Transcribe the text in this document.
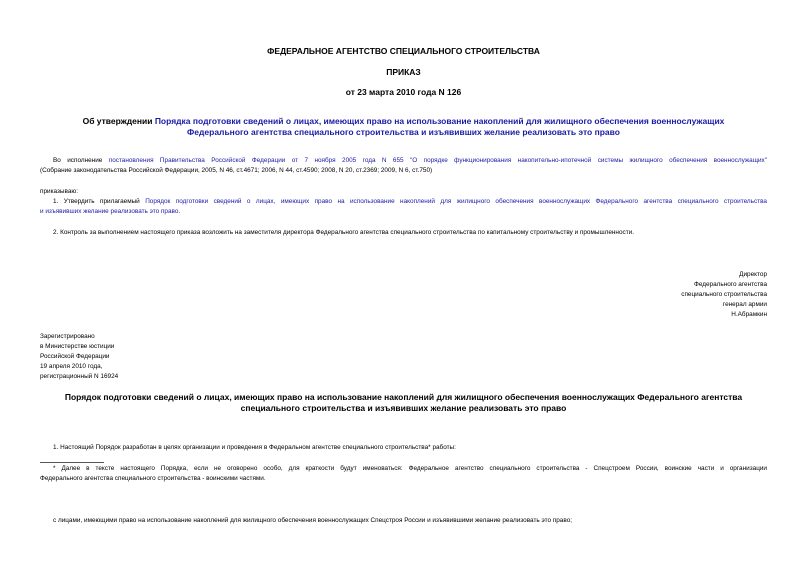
ФЕДЕРАЛЬНОЕ АГЕНТСТВО СПЕЦИАЛЬНОГО СТРОИТЕЛЬСТВА
ПРИКАЗ
от 23 марта 2010 года N 126
Об утверждении Порядка подготовки сведений о лицах, имеющих право на использование накоплений для жилищного обеспечения военнослужащих
Федерального агентства специального строительства и изъявивших желание реализовать это право
Во исполнение постановления Правительства Российской Федерации от 7 ноября 2005 года N 655 "О порядке функционирования накопительно-ипотечной системы жилищного обеспечения военнослужащих"
(Собрание законодательства Российской Федерации, 2005, N 46, ст.4671; 2006, N 44, ст.4590; 2008, N 20, ст.2369; 2009, N 6, ст.750)
приказываю:
1. Утвердить прилагаемый Порядок подготовки сведений о лицах, имеющих право на использование накоплений для жилищного обеспечения военнослужащих Федерального агентства специального строительства
и изъявивших желание реализовать это право.
2. Контроль за выполнением настоящего приказа возложить на заместителя директора Федерального агентства специального строительства по капитальному строительству и промышленности.
Директор
Федерального агентства
специального строительства
генерал армии
Н.Абрамкин
Зарегистрировано
в Министерстве юстиции
Российской Федерации
19 апреля 2010 года,
регистрационный N 16924
Порядок подготовки сведений о лицах, имеющих право на использование накоплений для жилищного обеспечения военнослужащих Федерального агентства
специального строительства и изъявивших желание реализовать это право
1. Настоящий Порядок разработан в целях организации и проведения в Федеральном агентстве специального строительства* работы:
* Далее в тексте настоящего Порядка, если не оговорено особо, для краткости будут именоваться: Федеральное агентство специального строительства - Спецстроем России, воинские части и организации
Федерального агентства специального строительства - воинскими частями.
с лицами, имеющими право на использование накоплений для жилищного обеспечения военнослужащих Спецстроя России и изъявившими желание реализовать это право;
